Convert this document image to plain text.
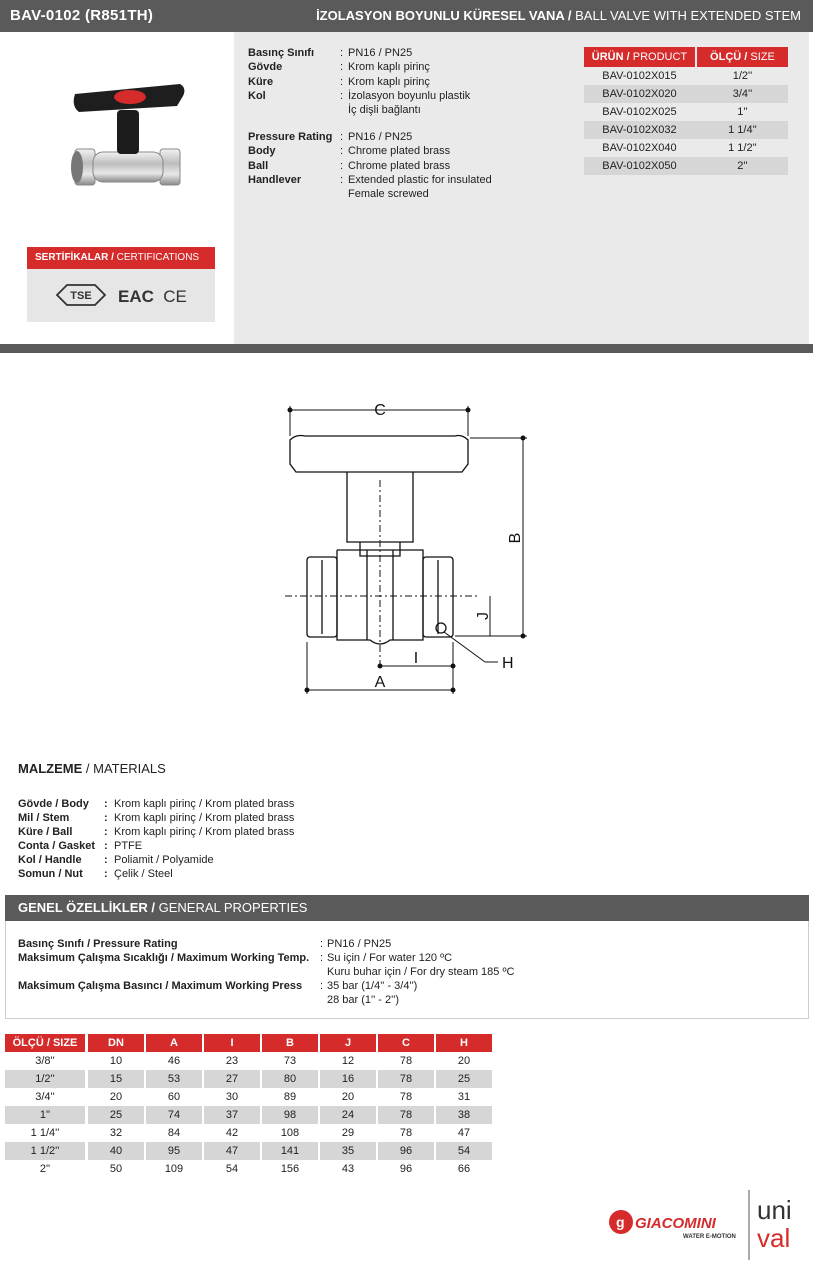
BAV-0102 (R851TH)	İZOLASYON BOYUNLU KÜRESEL VANA / BALL VALVE WITH EXTENDED STEM
SERTİFİKALAR / CERTIFICATIONS
TSE EAC CE
Basınç Sınıfı	: PN16 / PN25
Gövde	: Krom kaplı pirinç
Küre	: Krom kaplı pirinç
Kol	: İzolasyon boyunlu plastik
İç dişli bağlantı
Pressure Rating : PN16 / PN25
Body	: Chrome plated brass
Ball	: Chrome plated brass
Handlever	: Extended plastic for insulated
Female screwed
ÜRÜN / PRODUCT	ÖLÇÜ / SIZE
BAV-0102X015	1/2''
BAV-0102X020	3/4''
BAV-0102X025	1''
BAV-0102X032	1 1/4''
BAV-0102X040	1 1/2''
BAV-0102X050	2''
C
B
J
I	H
A
MALZEME / MATERIALS
Gövde / Body : Krom kaplı pirinç / Krom plated brass
Mil / Stem	: Krom kaplı pirinç / Krom plated brass
Küre / Ball	: Krom kaplı pirinç / Krom plated brass
Conta / Gasket : PTFE
Kol / Handle : Poliamit / Polyamide
Somun / Nut : Çelik / Steel
GENEL ÖZELLİKLER / GENERAL PROPERTIES
Basınç Sınıfı / Pressure Rating	: PN16 / PN25
Maksimum Çalışma Sıcaklığı / Maximum Working Temp. : Su için / For water 120 ºC
Kuru buhar için / For dry steam 185 ºC
Maksimum Çalışma Basıncı / Maximum Working Press : 35 bar (1/4'' - 3/4'')
28 bar (1'' - 2'')
ÖLÇÜ / SIZE	DN	A	I	B	J	C	H
3/8''	10	46	23	73	12	78	20
1/2''	15	53	27	80	16	78	25
3/4''	20	60	30	89	20	78	31
1''	25	74	37	98	24	78	38
1 1/4''	32	84	42	108	29	78	47
1 1/2''	40	95	47	141	35	96	54
2''	50	109	54	156	43	96	66
g GIACOMINI
WATER E-MOTION
uni
val
